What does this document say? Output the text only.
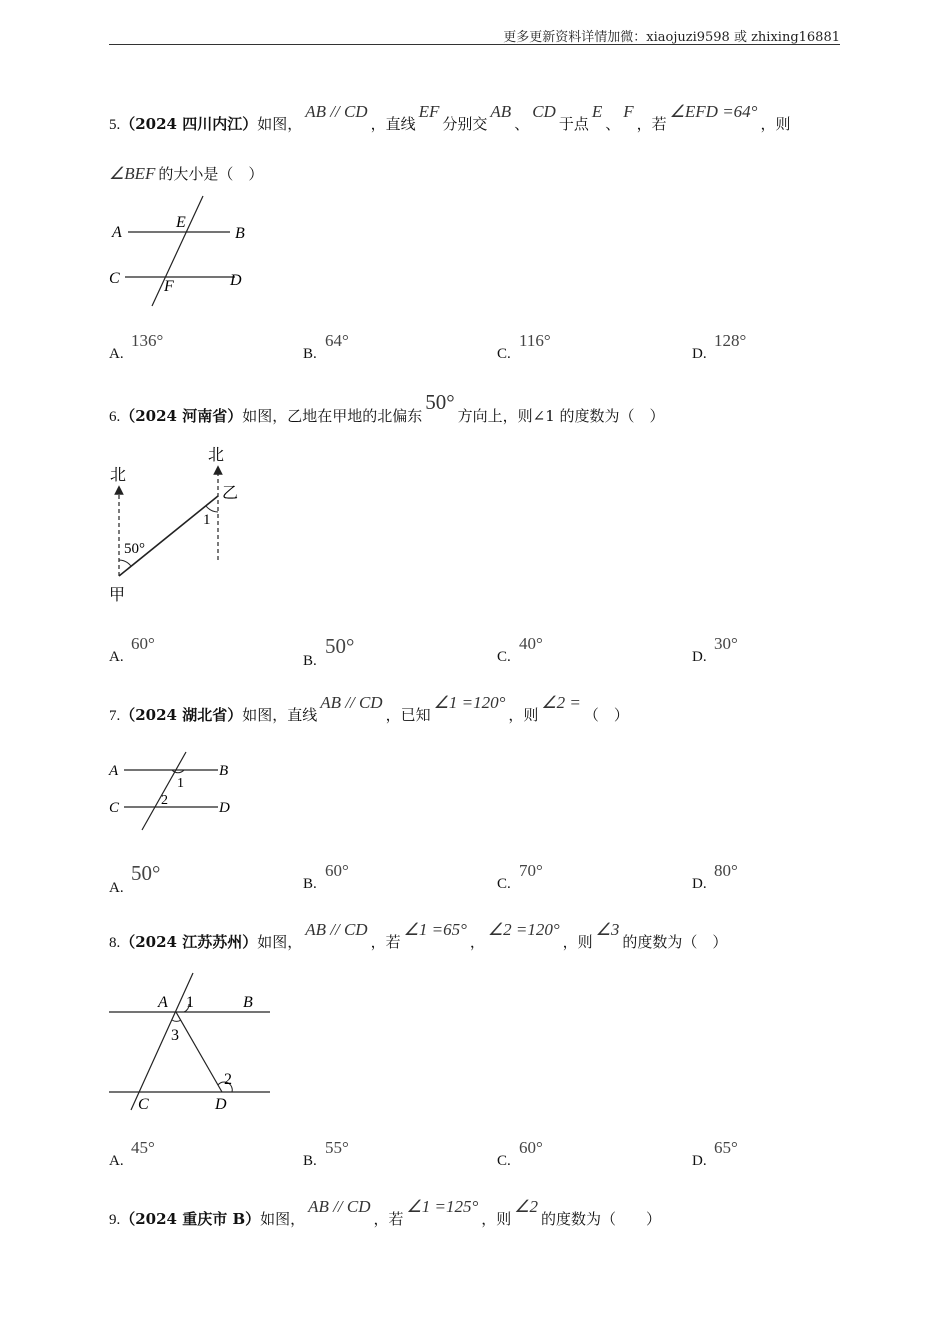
更多更新资料详情加微：xiaojuzi9598 或 zhixing16881
5.（2024 四川内江）如图，AB // CD，直线EF分别交AB、CD于点E、F，若∠EFD =64°，则
∠BEF 的大小是（　）
A	B
E
C	D
F
A.136°
B.64°
C.116°
D.128°
6.（2024 河南省）如图，乙地在甲地的北偏东50°方向上，则∠1 的度数为（　）
北
北
乙
甲
50°
1
A.60°
B.50°	C.40°
D.30°
7.（2024 湖北省）如图，直线AB // CD，已知∠1 =120°，则∠2 =（　）
A	B
1
C	D
2
A.50°	B.60°
C.70°
D.80°
8.（2024 江苏苏州）如图，AB // CD，若∠1 =65°，∠2 =120°，则∠3的度数为（　）
A 1	B
3
2
C	D
A.45°
B.55°
C.60°
D.65°
9.（2024 重庆市 B）如图，AB // CD，若∠1 =125°，则∠2的度数为（　　）
